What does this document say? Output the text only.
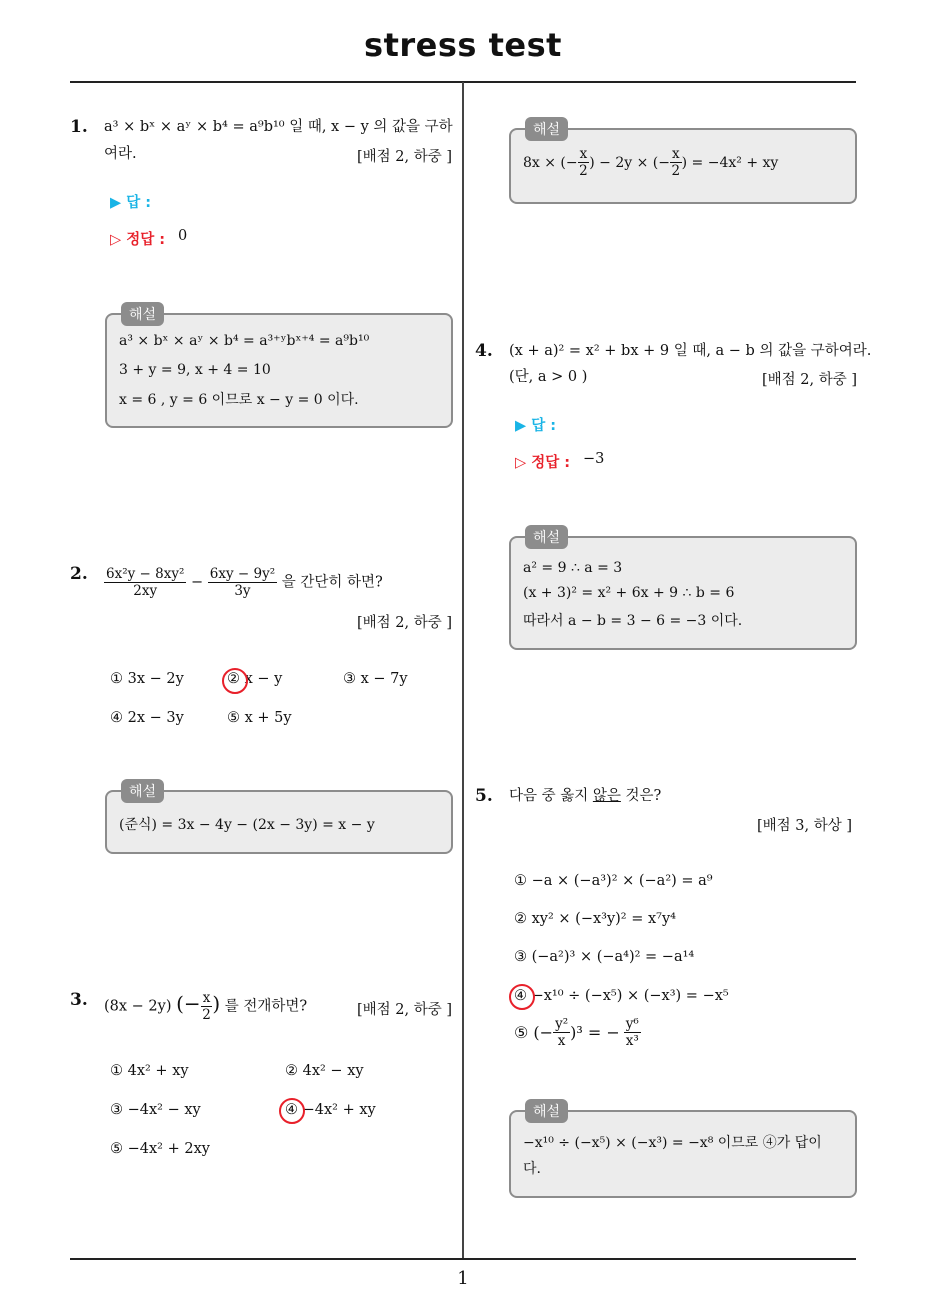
stress test
1
1. a³ × bˣ × aʸ × b⁴ = a⁹b¹⁰ 일 때, x − y 의 값을 구하
여라.	[배점 2, 하중 ]
▶ 답 :
▷ 정답 : 0
해설
a³ × bˣ × aʸ × b⁴ = a³⁺ʸbˣ⁺⁴ = a⁹b¹⁰
3 + y = 9, x + 4 = 10
x = 6 , y = 6 이므로 x − y = 0 이다.
2. $\frac{\text{6x²y − 8xy²}}{2xy} - \frac{\text{6xy − 9y²}}{3y}$ 을 간단히 하면?
[배점 2, 하중 ]
① 3x − 2y	② x − y	③ x − 7y
④ 2x − 3y	⑤ x + 5y
해설
(준식) = 3x − 4y − (2x − 3y) = x − y
3. (8x − 2y) (− $\frac{x}{2}$ ) 를 전개하면?	[배점 2, 하중 ]
① 4x² + xy	② 4x² − xy
③ −4x² − xy	④ −4x² + xy
⑤ −4x² + 2xy
해설
8x × (− $\frac{x}{2}$ ) − 2y × (− $\frac{x}{2}$ ) = −4x² + xy
4. (x + a)² = x² + bx + 9 일 때, a − b 의 값을 구하여라.
(단, a > 0 )	[배점 2, 하중 ]
▶ 답 :
▷ 정답 : −3
해설
a² = 9 ∴ a = 3
(x + 3)² = x² + 6x + 9 ∴ b = 6
따라서 a − b = 3 − 6 = −3 이다.
5. 다음 중 옳지 않은 것은?
[배점 3, 하상 ]
① −a × (−a³)² × (−a²) = a⁹
② xy² × (−x³y)² = x⁷y⁴
③ (−a²)³ × (−a⁴)² = −a¹⁴
④ −x¹⁰ ÷ (−x⁵) × (−x³) = −x⁵
⑤ (− $\frac{\text{y²}}{x} )^3$ = − $\frac{\text{y⁶}}{\text{x³}}$
해설
−x¹⁰ ÷ (−x⁵) × (−x³) = −x⁸ 이므로 ④가 답이
다.
